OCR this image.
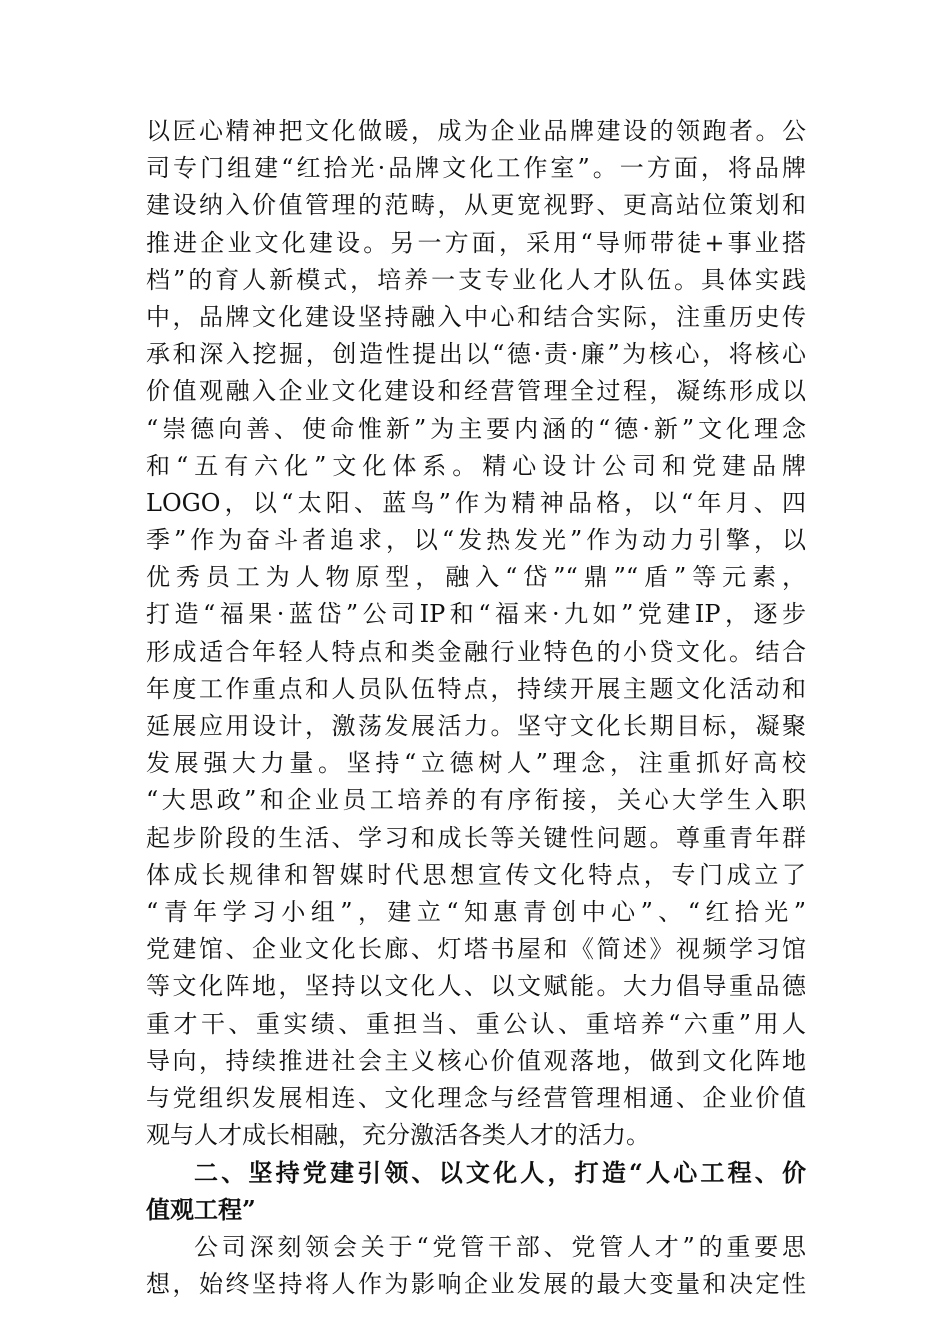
以匠心精神把文化做暖，成为企业品牌建设的领跑者。公
司专门组建“红拾光·品牌文化工作室”。一方面，将品牌
建设纳入价值管理的范畴，从更宽视野、更高站位策划和
推进企业文化建设。另一方面，采用“导师带徒+事业搭
档”的育人新模式，培养一支专业化人才队伍。具体实践
中，品牌文化建设坚持融入中心和结合实际，注重历史传
承和深入挖掘，创造性提出以“德·责·廉”为核心，将核心
价值观融入企业文化建设和经营管理全过程，凝练形成以
“崇德向善、使命惟新”为主要内涵的“德·新”文化理念
和“五有六化”文化体系。精心设计公司和党建品牌
LOGO，以“太阳、蓝鸟”作为精神品格，以“年月、四
季”作为奋斗者追求，以“发热发光”作为动力引擎，以
优秀员工为人物原型，融入“岱”“鼎”“盾”等元素，
打造“福果·蓝岱”公司IP和“福来·九如”党建IP，逐步
形成适合年轻人特点和类金融行业特色的小贷文化。结合
年度工作重点和人员队伍特点，持续开展主题文化活动和
延展应用设计，激荡发展活力。坚守文化长期目标，凝聚
发展强大力量。坚持“立德树人”理念，注重抓好高校
“大思政”和企业员工培养的有序衔接，关心大学生入职
起步阶段的生活、学习和成长等关键性问题。尊重青年群
体成长规律和智媒时代思想宣传文化特点，专门成立了
“青年学习小组”，建立“知惠青创中心”、“红拾光”
党建馆、企业文化长廊、灯塔书屋和《简述》视频学习馆
等文化阵地，坚持以文化人、以文赋能。大力倡导重品德
重才干、重实绩、重担当、重公认、重培养“六重”用人
导向，持续推进社会主义核心价值观落地，做到文化阵地
与党组织发展相连、文化理念与经营管理相通、企业价值
观与人才成长相融，充分激活各类人才的活力。
二、坚持党建引领、以文化人，打造“人心工程、价
值观工程”
公司深刻领会关于“党管干部、党管人才”的重要思
想，始终坚持将人作为影响企业发展的最大变量和决定性
